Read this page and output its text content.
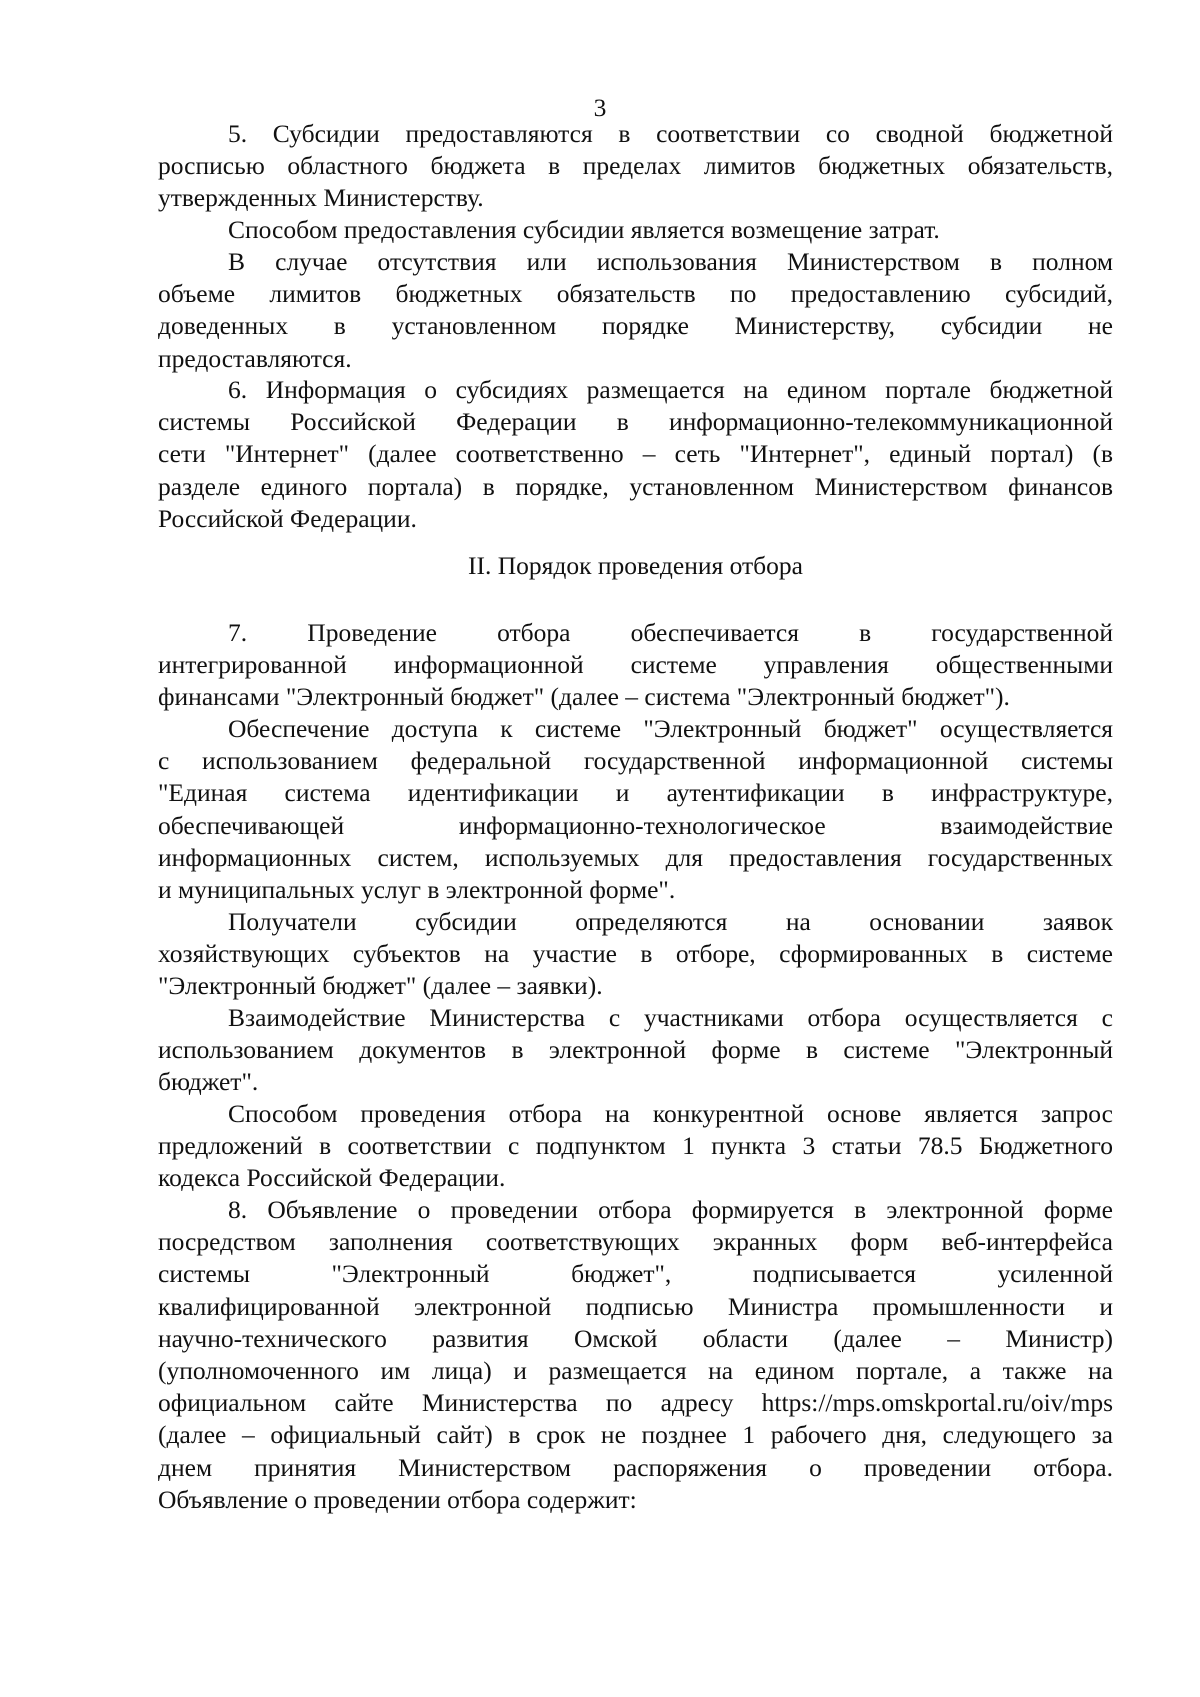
3

5. Субсидии предоставляются в соответствии со сводной бюджетной

росписью областного бюджета в пределах лимитов бюджетных обязательств,

утвержденных Министерству.

Способом предоставления субсидии является возмещение затрат.

В случае отсутствия или использования Министерством в полном

объеме лимитов бюджетных обязательств по предоставлению субсидий,

доведенных в установленном порядке Министерству, субсидии не

предоставляются.

6. Информация о субсидиях размещается на едином портале бюджетной

системы Российской Федерации в информационно-телекоммуникационной

сети "Интернет" (далее соответственно – сеть "Интернет", единый портал) (в

разделе единого портала) в порядке, установленном Министерством финансов

Российской Федерации.

II. Порядок проведения отбора

7. Проведение отбора обеспечивается в государственной

интегрированной информационной системе управления общественными

финансами "Электронный бюджет" (далее – система "Электронный бюджет").

Обеспечение доступа к системе "Электронный бюджет" осуществляется

с использованием федеральной государственной информационной системы

"Единая система идентификации и аутентификации в инфраструктуре,

обеспечивающей информационно-технологическое взаимодействие

информационных систем, используемых для предоставления государственных

и муниципальных услуг в электронной форме".

Получатели субсидии определяются на основании заявок

хозяйствующих субъектов на участие в отборе, сформированных в системе

"Электронный бюджет" (далее – заявки).

Взаимодействие Министерства с участниками отбора осуществляется с

использованием документов в электронной форме в системе "Электронный

бюджет".

Способом проведения отбора на конкурентной основе является запрос

предложений в соответствии с подпунктом 1 пункта 3 статьи 78.5 Бюджетного

кодекса Российской Федерации.

8. Объявление о проведении отбора формируется в электронной форме

посредством заполнения соответствующих экранных форм веб-интерфейса

системы "Электронный бюджет", подписывается усиленной

квалифицированной электронной подписью Министра промышленности и

научно-технического развития Омской области (далее – Министр)

(уполномоченного им лица) и размещается на едином портале, а также на

официальном сайте Министерства по адресу https://mps.omskportal.ru/oiv/mps

(далее – официальный сайт) в срок не позднее 1 рабочего дня, следующего за

днем принятия Министерством распоряжения о проведении отбора.

Объявление о проведении отбора содержит:
